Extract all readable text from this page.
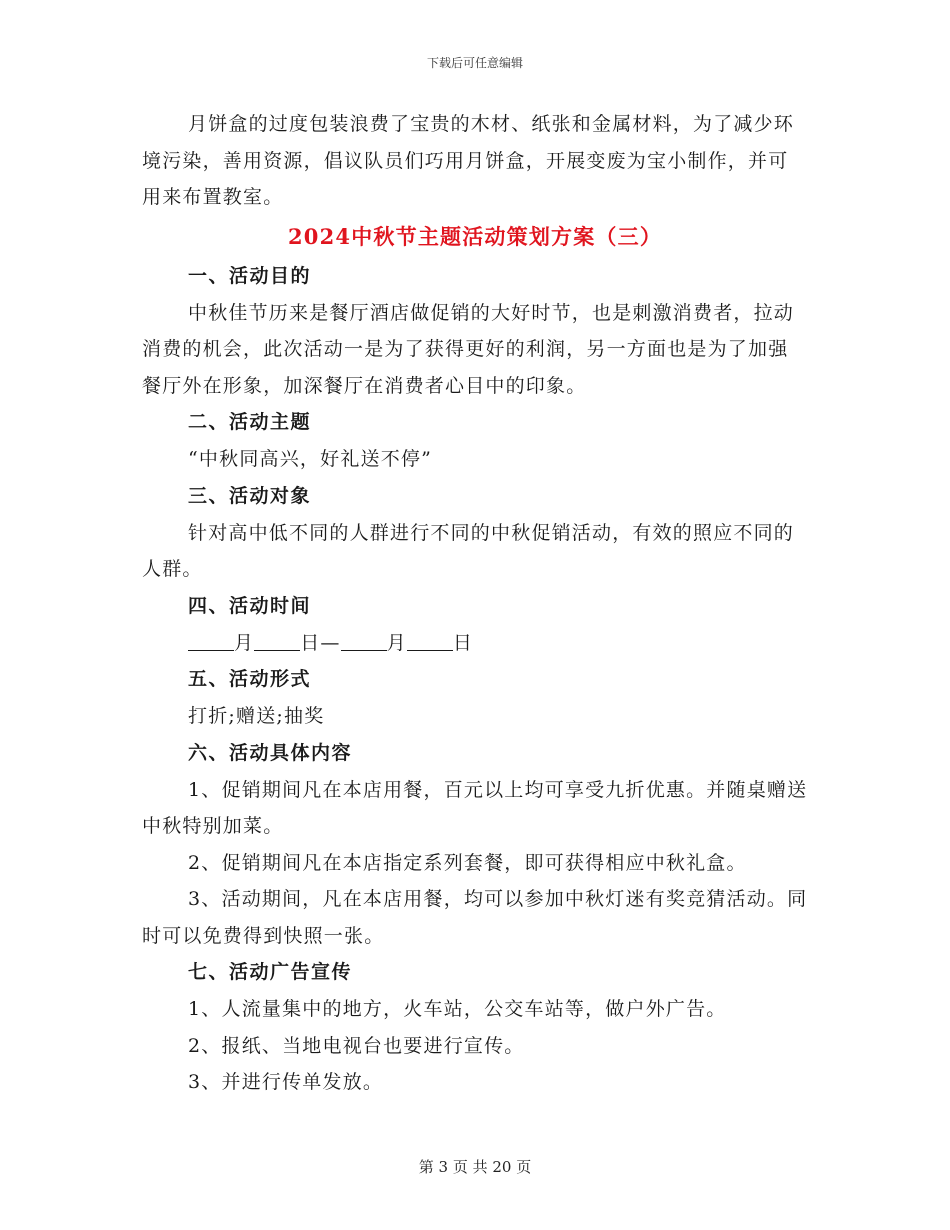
下载后可任意编辑

月饼盒的过度包装浪费了宝贵的木材、纸张和金属材料，为了减少环境污染，善用资源，倡议队员们巧用月饼盒，开展变废为宝小制作，并可用来布置教室。

2024中秋节主题活动策划方案（三）

一、活动目的

中秋佳节历来是餐厅酒店做促销的大好时节，也是刺激消费者，拉动消费的机会，此次活动一是为了获得更好的利润，另一方面也是为了加强餐厅外在形象，加深餐厅在消费者心目中的印象。

二、活动主题

“中秋同高兴，好礼送不停”

三、活动对象

针对高中低不同的人群进行不同的中秋促销活动，有效的照应不同的人群。

四、活动时间

月 日— 月 日

五、活动形式

打折;赠送;抽奖

六、活动具体内容

1、促销期间凡在本店用餐，百元以上均可享受九折优惠。并随桌赠送中秋特别加菜。

2、促销期间凡在本店指定系列套餐，即可获得相应中秋礼盒。

3、活动期间，凡在本店用餐，均可以参加中秋灯迷有奖竞猜活动。同时可以免费得到快照一张。

七、活动广告宣传

1、人流量集中的地方，火车站，公交车站等，做户外广告。

2、报纸、当地电视台也要进行宣传。

3、并进行传单发放。

第 3 页 共 20 页
